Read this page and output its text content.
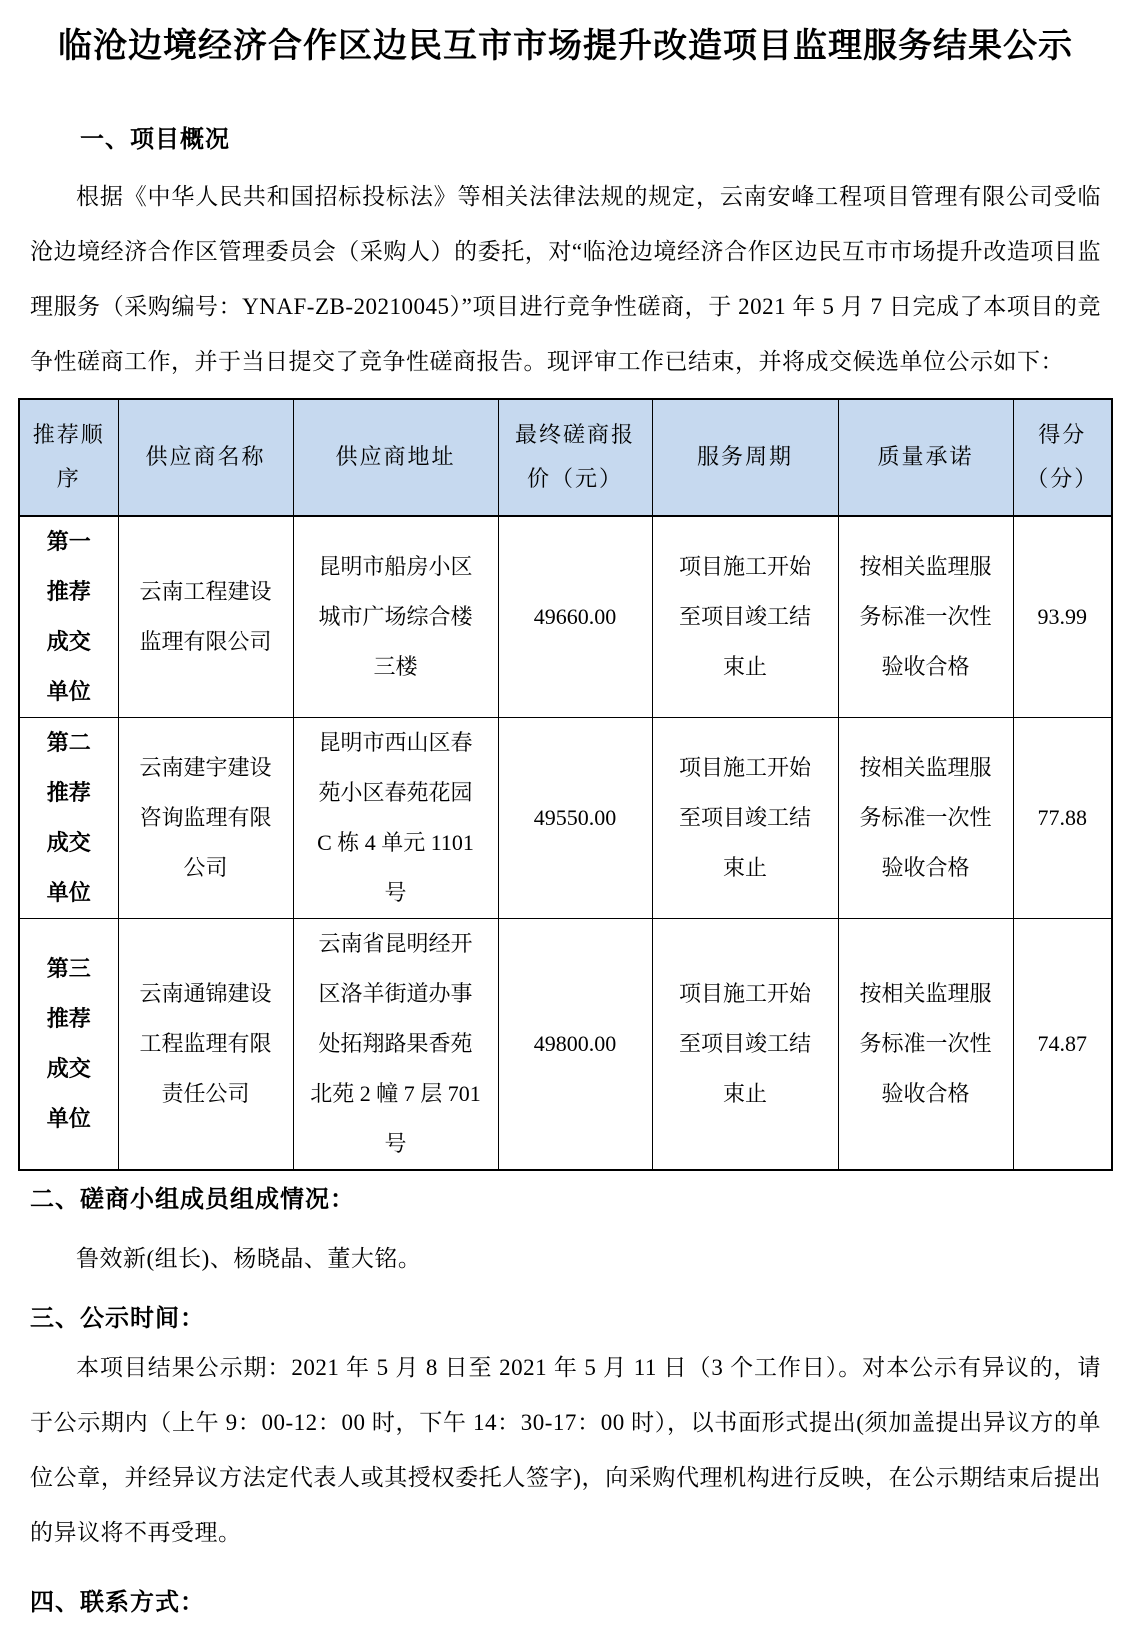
临沧边境经济合作区边民互市市场提升改造项目监理服务结果公示
一、项目概况

根据《中华人民共和国招标投标法》等相关法律法规的规定，云南安峰工程项目管理有限公司受临沧边境经济合作区管理委员会（采购人）的委托，对“临沧边境经济合作区边民互市市场提升改造项目监理服务（采购编号：YNAF-ZB-20210045）”项目进行竞争性磋商，于 2021 年 5 月 7 日完成了本项目的竞争性磋商工作，并于当日提交了竞争性磋商报告。现评审工作已结束，并将成交候选单位公示如下：

推荐顺序	供应商名称	供应商地址	最终磋商报价（元）	服务周期	质量承诺	得分（分）
第一推荐成交单位	云南工程建设监理有限公司	昆明市船房小区城市广场综合楼三楼	49660.00	项目施工开始至项目竣工结束止	按相关监理服务标准一次性验收合格	93.99
第二推荐成交单位	云南建宇建设咨询监理有限公司	昆明市西山区春苑小区春苑花园 C 栋 4 单元 1101 号	49550.00	项目施工开始至项目竣工结束止	按相关监理服务标准一次性验收合格	77.88
第三推荐成交单位	云南通锦建设工程监理有限责任公司	云南省昆明经开区洛羊街道办事处拓翔路果香苑北苑 2 幢 7 层 701 号	49800.00	项目施工开始至项目竣工结束止	按相关监理服务标准一次性验收合格	74.87
二、磋商小组成员组成情况：

鲁效新(组长)、杨晓晶、董大铭。

三、公示时间：

本项目结果公示期：2021 年 5 月 8 日至 2021 年 5 月 11 日（3 个工作日）。对本公示有异议的，请于公示期内（上午 9：00-12：00 时，下午 14：30-17：00 时），以书面形式提出(须加盖提出异议方的单位公章，并经异议方法定代表人或其授权委托人签字)，向采购代理机构进行反映，在公示期结束后提出的异议将不再受理。

四、联系方式：
